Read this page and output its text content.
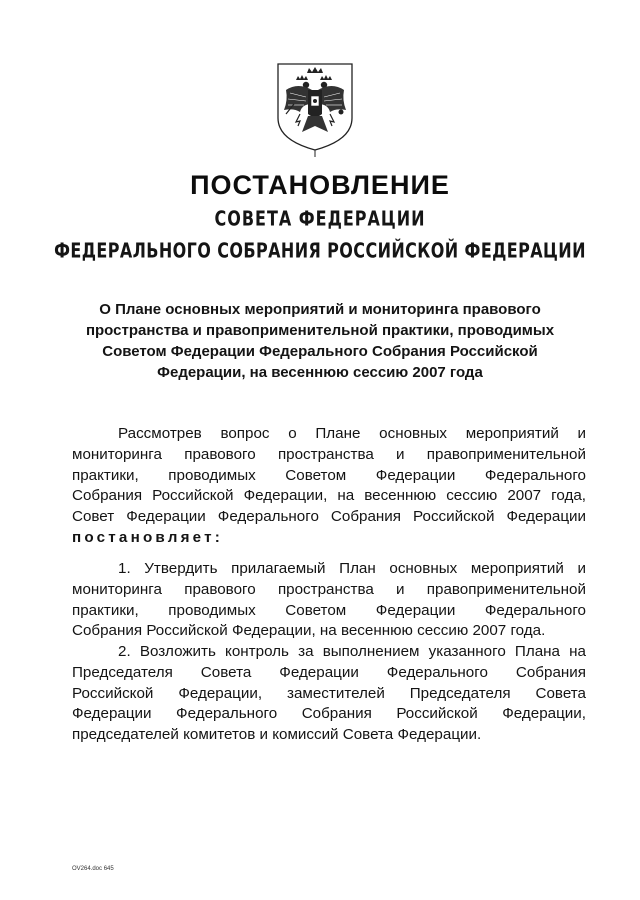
ПОСТАНОВЛЕНИЕ
СОВЕТА ФЕДЕРАЦИИ
ФЕДЕРАЛЬНОГО СОБРАНИЯ РОССИЙСКОЙ ФЕДЕРАЦИИ
О Плане основных мероприятий и мониторинга правового
пространства и правоприменительной практики, проводимых
Советом Федерации Федерального Собрания Российской
Федерации, на весеннюю сессию 2007 года
Рассмотрев вопрос о Плане основных мероприятий и
мониторинга правового пространства и правоприменительной
практики, проводимых Советом Федерации Федерального
Собрания Российской Федерации, на весеннюю сессию 2007 года,
Совет Федерации Федерального Собрания Российской Федерации
постановляет:
1. Утвердить прилагаемый План основных мероприятий и
мониторинга правового пространства и правоприменительной
практики, проводимых Советом Федерации Федерального
Собрания Российской Федерации, на весеннюю сессию 2007 года.
2. Возложить контроль за выполнением указанного Плана на
Председателя Совета Федерации Федерального Собрания
Российской Федерации, заместителей Председателя Совета
Федерации Федерального Собрания Российской Федерации,
председателей комитетов и комиссий Совета Федерации.
OV264.doc 645
